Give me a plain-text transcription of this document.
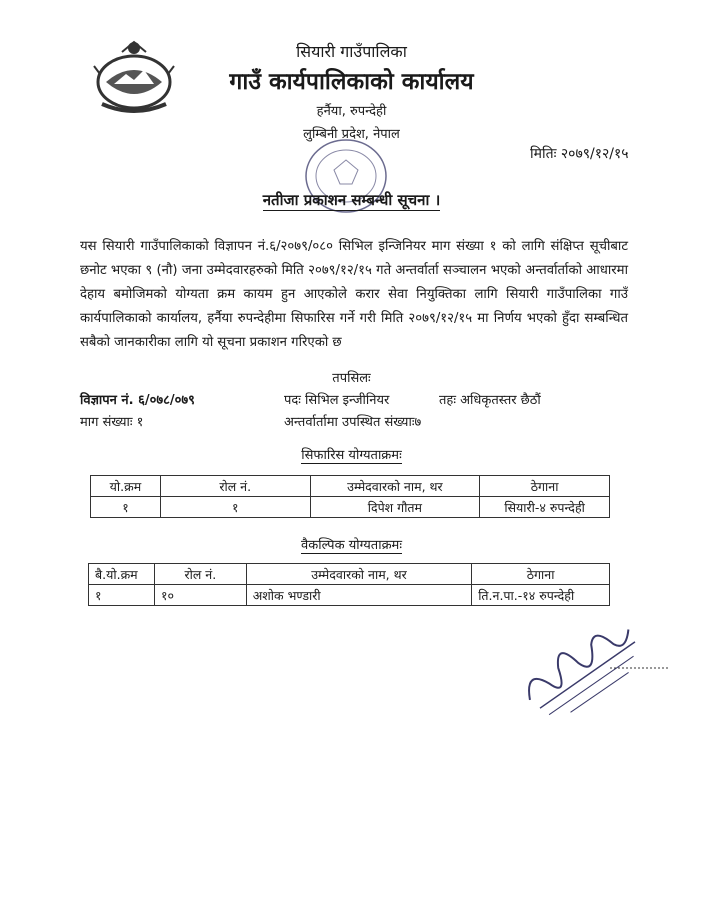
सियारी गाउँपालिका
गाउँ कार्यपालिकाको कार्यालय
हर्नैया, रुपन्देही
लुम्बिनी प्रदेश, नेपाल
मितिः २०७९/१२/१५
नतीजा प्रकाशन सम्बन्धी सूचना ।
यस सियारी गाउँपालिकाको विज्ञापन नं.६/२०७९/०८० सिभिल इन्जिनियर माग संख्या १ को लागि संक्षिप्त सूचीबाट छनोट भएका ९ (नौ) जना उम्मेदवारहरुको मिति २०७९/१२/१५ गते अन्तर्वार्ता सञ्चालन भएको अन्तर्वार्ताको आधारमा देहाय बमोजिमको योग्यता क्रम कायम हुन आएकोले करार सेवा नियुक्तिका लागि सियारी गाउँपालिका गाउँ कार्यपालिकाको कार्यालय, हर्नैया रुपन्देहीमा सिफारिस गर्ने गरी मिति २०७९/१२/१५ मा निर्णय भएको हुँदा सम्बन्धित सबैको जानकारीका लागि यो सूचना प्रकाशन गरिएको छ
तपसिलः
विज्ञापन नं. ६/०७८/०७९	पदः सिभिल इन्जीनियर	तहः अधिकृतस्तर छैठौं
माग संख्याः १	अन्तर्वार्तामा उपस्थित संख्याः७
सिफारिस योग्यताक्रमः
यो.क्रम	रोल नं.	उम्मेदवारको नाम, थर	ठेगाना
१	१	दिपेश गौतम	सियारी-४ रुपन्देही
वैकल्पिक योग्यताक्रमः
बै.यो.क्रम	रोल नं.	उम्मेदवारको नाम, थर	ठेगाना
१	१०	अशोक भण्डारी	ति.न.पा.-१४ रुपन्देही
